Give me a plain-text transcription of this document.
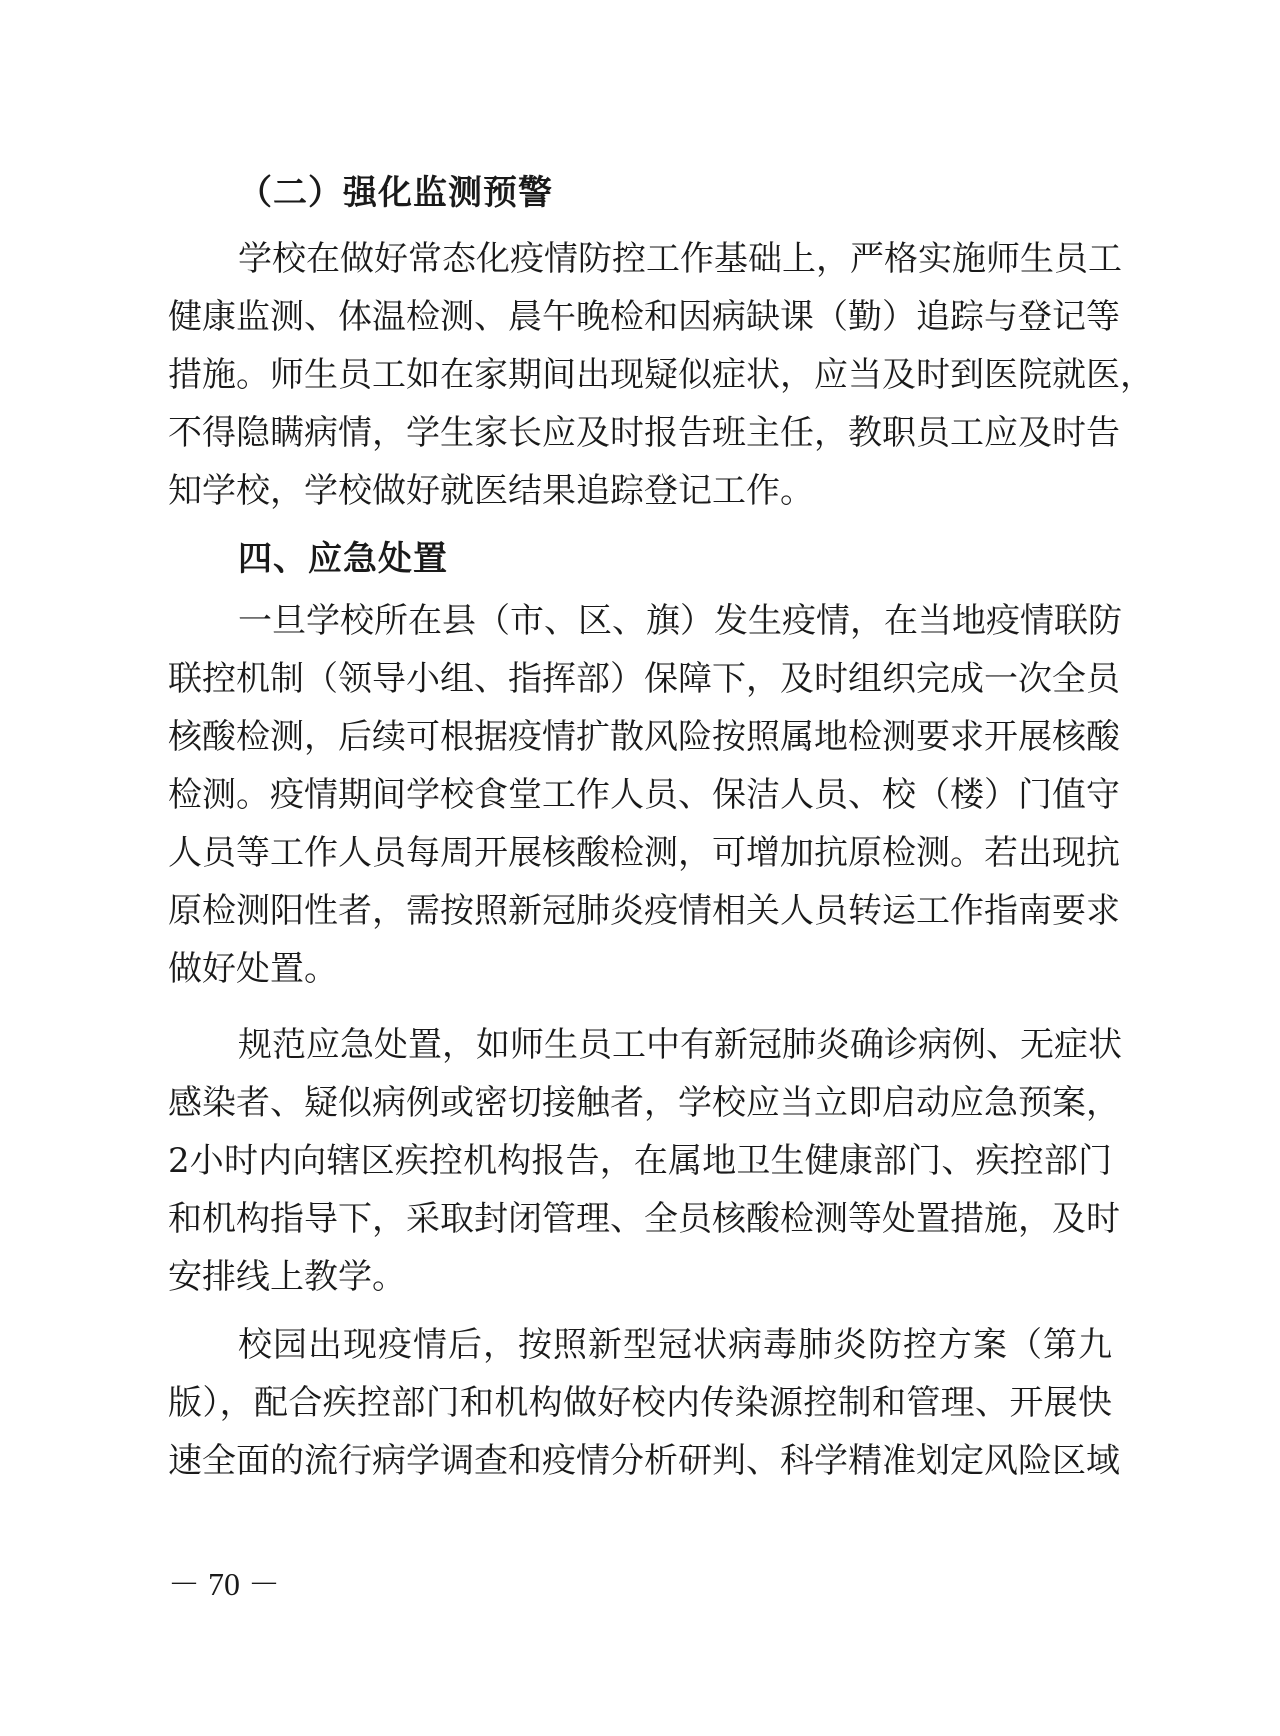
（二）强化监测预警
学校在做好常态化疫情防控工作基础上，严格实施师生员工
健康监测、体温检测、晨午晚检和因病缺课（勤）追踪与登记等
措施。师生员工如在家期间出现疑似症状，应当及时到医院就医，
不得隐瞒病情，学生家长应及时报告班主任，教职员工应及时告
知学校，学校做好就医结果追踪登记工作。
四、应急处置
一旦学校所在县（市、区、旗）发生疫情，在当地疫情联防
联控机制（领导小组、指挥部）保障下，及时组织完成一次全员
核酸检测，后续可根据疫情扩散风险按照属地检测要求开展核酸
检测。疫情期间学校食堂工作人员、保洁人员、校（楼）门值守
人员等工作人员每周开展核酸检测，可增加抗原检测。若出现抗
原检测阳性者，需按照新冠肺炎疫情相关人员转运工作指南要求
做好处置。
规范应急处置，如师生员工中有新冠肺炎确诊病例、无症状
感染者、疑似病例或密切接触者，学校应当立即启动应急预案，
2小时内向辖区疾控机构报告，在属地卫生健康部门、疾控部门
和机构指导下，采取封闭管理、全员核酸检测等处置措施，及时
安排线上教学。
校园出现疫情后，按照新型冠状病毒肺炎防控方案（第九
版），配合疾控部门和机构做好校内传染源控制和管理、开展快
速全面的流行病学调查和疫情分析研判、科学精准划定风险区域
－ 70 －
